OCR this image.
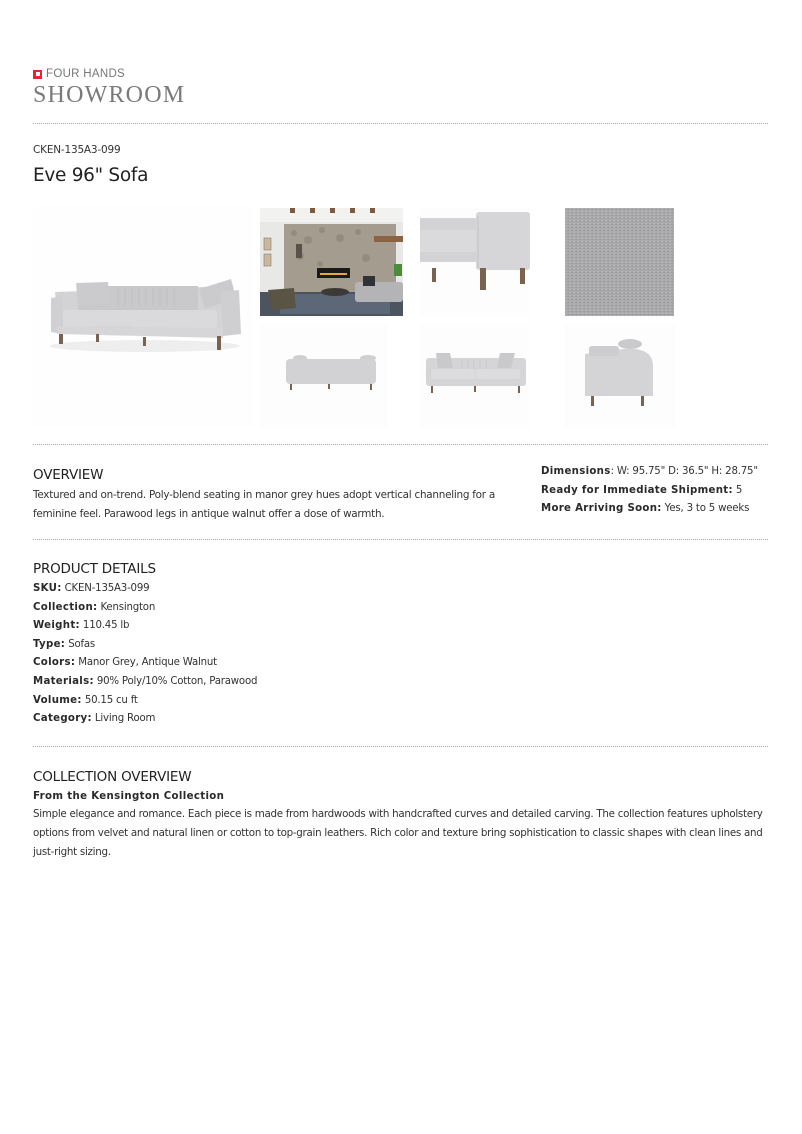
FOUR HANDS
SHOWROOM
CKEN-135A3-099
Eve 96" Sofa
OVERVIEW

Textured and on-trend. Poly-blend seating in manor grey hues adopt vertical channeling for a feminine feel. Parawood legs in antique walnut offer a dose of warmth.

Dimensions: W: 95.75" D: 36.5" H: 28.75"
Ready for Immediate Shipment: 5
More Arriving Soon: Yes, 3 to 5 weeks
PRODUCT DETAILS
SKU: CKEN-135A3-099
Collection: Kensington
Weight: 110.45 lb
Type: Sofas
Colors: Manor Grey, Antique Walnut
Materials: 90% Poly/10% Cotton, Parawood
Volume: 50.15 cu ft
Category: Living Room
COLLECTION OVERVIEW
From the Kensington Collection

Simple elegance and romance. Each piece is made from hardwoods with handcrafted curves and detailed carving. The collection features upholstery
options from velvet and natural linen or cotton to top-grain leathers. Rich color and texture bring sophistication to classic shapes with clean lines and
just-right sizing.
